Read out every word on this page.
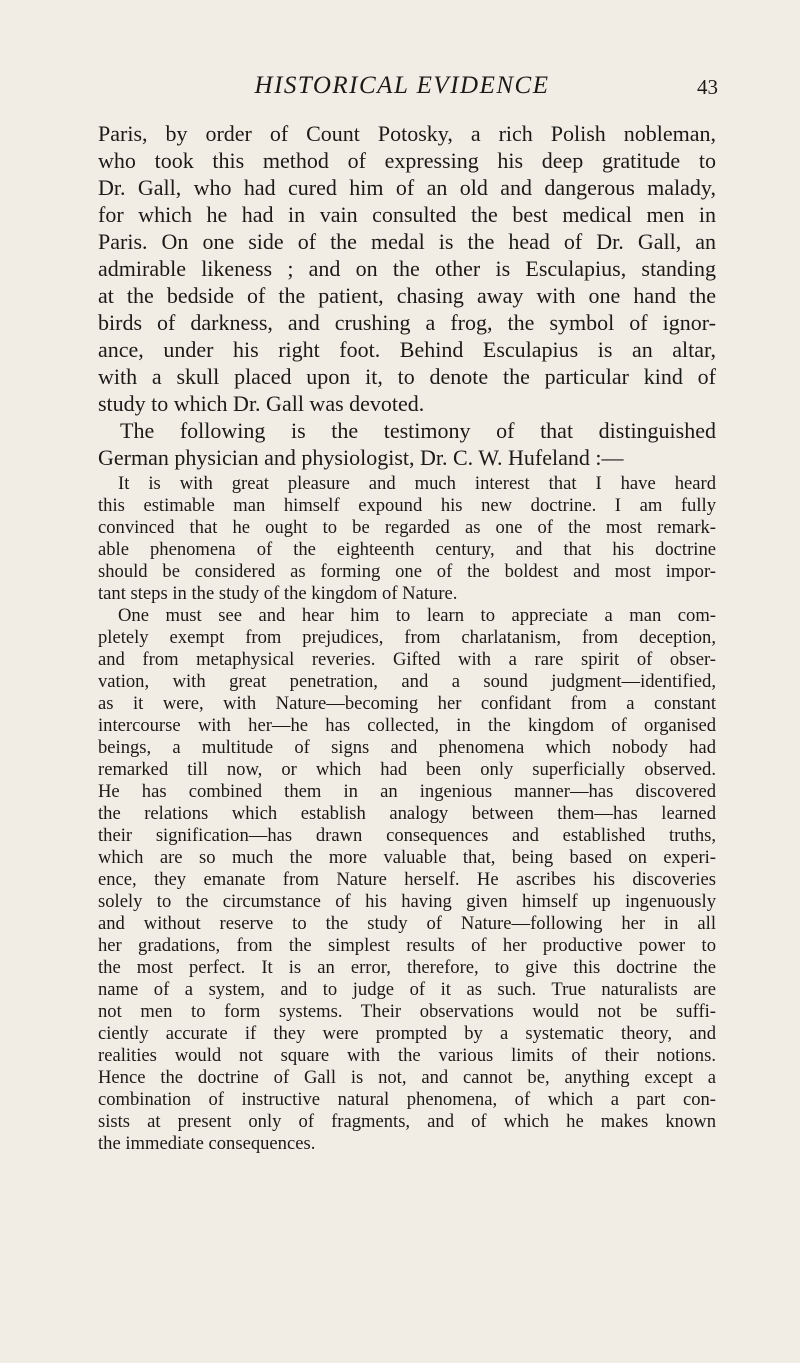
HISTORICAL EVIDENCE	43
Paris, by order of Count Potosky, a rich Polish nobleman,
who took this method of expressing his deep gratitude to
Dr. Gall, who had cured him of an old and dangerous malady,
for which he had in vain consulted the best medical men in
Paris. On one side of the medal is the head of Dr. Gall, an
admirable likeness ; and on the other is Esculapius, standing
at the bedside of the patient, chasing away with one hand the
birds of darkness, and crushing a frog, the symbol of ignor-
ance, under his right foot. Behind Esculapius is an altar,
with a skull placed upon it, to denote the particular kind of
study to which Dr. Gall was devoted.
The following is the testimony of that distinguished
German physician and physiologist, Dr. C. W. Hufeland :—
It is with great pleasure and much interest that I have heard
this estimable man himself expound his new doctrine. I am fully
convinced that he ought to be regarded as one of the most remark-
able phenomena of the eighteenth century, and that his doctrine
should be considered as forming one of the boldest and most impor-
tant steps in the study of the kingdom of Nature.
One must see and hear him to learn to appreciate a man com-
pletely exempt from prejudices, from charlatanism, from deception,
and from metaphysical reveries. Gifted with a rare spirit of obser-
vation, with great penetration, and a sound judgment—identified,
as it were, with Nature—becoming her confidant from a constant
intercourse with her—he has collected, in the kingdom of organised
beings, a multitude of signs and phenomena which nobody had
remarked till now, or which had been only superficially observed.
He has combined them in an ingenious manner—has discovered
the relations which establish analogy between them—has learned
their signification—has drawn consequences and established truths,
which are so much the more valuable that, being based on experi-
ence, they emanate from Nature herself. He ascribes his discoveries
solely to the circumstance of his having given himself up ingenuously
and without reserve to the study of Nature—following her in all
her gradations, from the simplest results of her productive power to
the most perfect. It is an error, therefore, to give this doctrine the
name of a system, and to judge of it as such. True naturalists are
not men to form systems. Their observations would not be suffi-
ciently accurate if they were prompted by a systematic theory, and
realities would not square with the various limits of their notions.
Hence the doctrine of Gall is not, and cannot be, anything except a
combination of instructive natural phenomena, of which a part con-
sists at present only of fragments, and of which he makes known
the immediate consequences.
